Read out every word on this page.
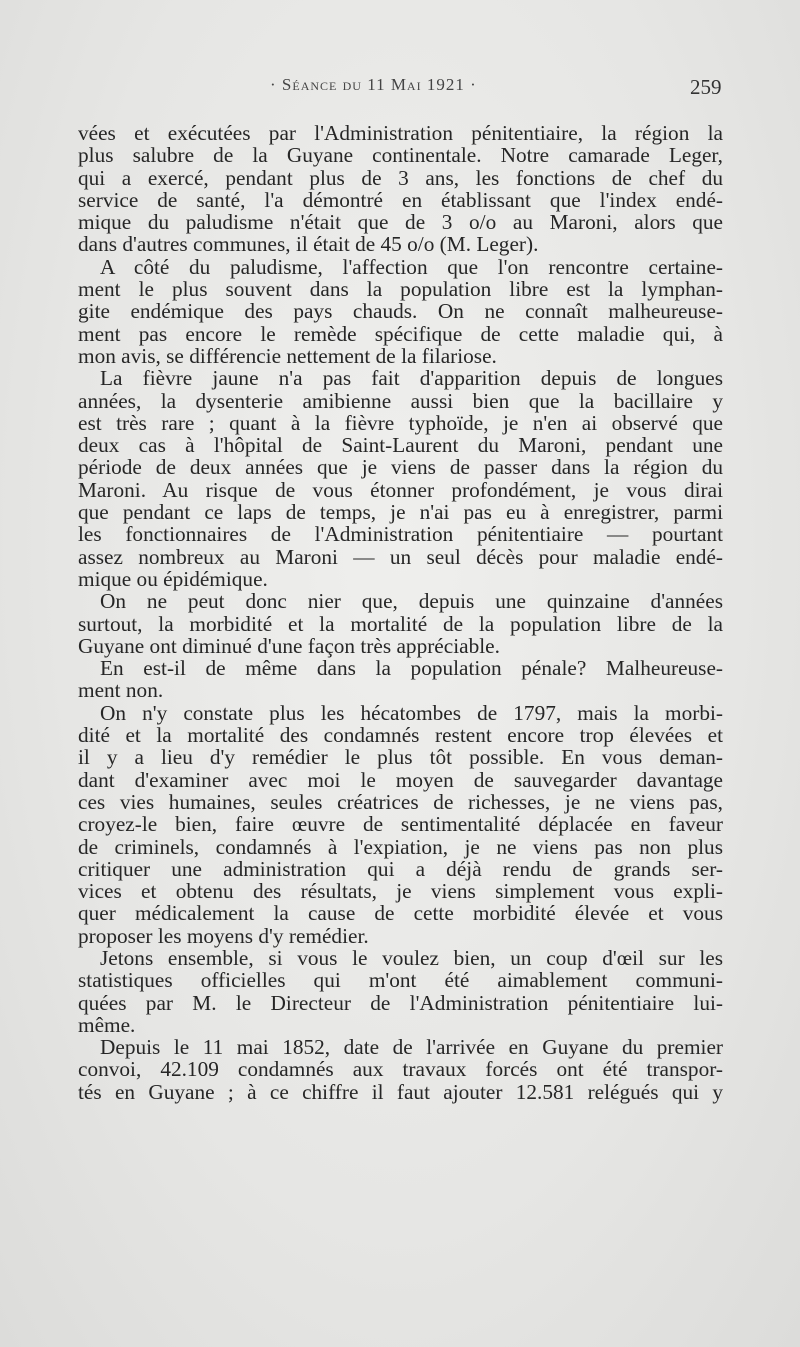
· Séance du 11 Mai 1921 ·	259

vées et exécutées par l'Administration pénitentiaire, la région la
plus salubre de la Guyane continentale. Notre camarade Leger,
qui a exercé, pendant plus de 3 ans, les fonctions de chef du
service de santé, l'a démontré en établissant que l'index endé-
mique du paludisme n'était que de 3 o/o au Maroni, alors que
dans d'autres communes, il était de 45 o/o (M. Leger).

A côté du paludisme, l'affection que l'on rencontre certaine-
ment le plus souvent dans la population libre est la lymphan-
gite endémique des pays chauds. On ne connaît malheureuse-
ment pas encore le remède spécifique de cette maladie qui, à
mon avis, se différencie nettement de la filariose.

La fièvre jaune n'a pas fait d'apparition depuis de longues
années, la dysenterie amibienne aussi bien que la bacillaire y
est très rare ; quant à la fièvre typhoïde, je n'en ai observé que
deux cas à l'hôpital de Saint-Laurent du Maroni, pendant une
période de deux années que je viens de passer dans la région du
Maroni. Au risque de vous étonner profondément, je vous dirai
que pendant ce laps de temps, je n'ai pas eu à enregistrer, parmi
les fonctionnaires de l'Administration pénitentiaire — pourtant
assez nombreux au Maroni — un seul décès pour maladie endé-
mique ou épidémique.

On ne peut donc nier que, depuis une quinzaine d'années
surtout, la morbidité et la mortalité de la population libre de la
Guyane ont diminué d'une façon très appréciable.

En est-il de même dans la population pénale? Malheureuse-
ment non.

On n'y constate plus les hécatombes de 1797, mais la morbi-
dité et la mortalité des condamnés restent encore trop élevées et
il y a lieu d'y remédier le plus tôt possible. En vous deman-
dant d'examiner avec moi le moyen de sauvegarder davantage
ces vies humaines, seules créatrices de richesses, je ne viens pas,
croyez-le bien, faire œuvre de sentimentalité déplacée en faveur
de criminels, condamnés à l'expiation, je ne viens pas non plus
critiquer une administration qui a déjà rendu de grands ser-
vices et obtenu des résultats, je viens simplement vous expli-
quer médicalement la cause de cette morbidité élevée et vous
proposer les moyens d'y remédier.

Jetons ensemble, si vous le voulez bien, un coup d'œil sur les
statistiques officielles qui m'ont été aimablement communi-
quées par M. le Directeur de l'Administration pénitentiaire lui-
même.

Depuis le 11 mai 1852, date de l'arrivée en Guyane du premier
convoi, 42.109 condamnés aux travaux forcés ont été transpor-
tés en Guyane ; à ce chiffre il faut ajouter 12.581 relégués qui y
